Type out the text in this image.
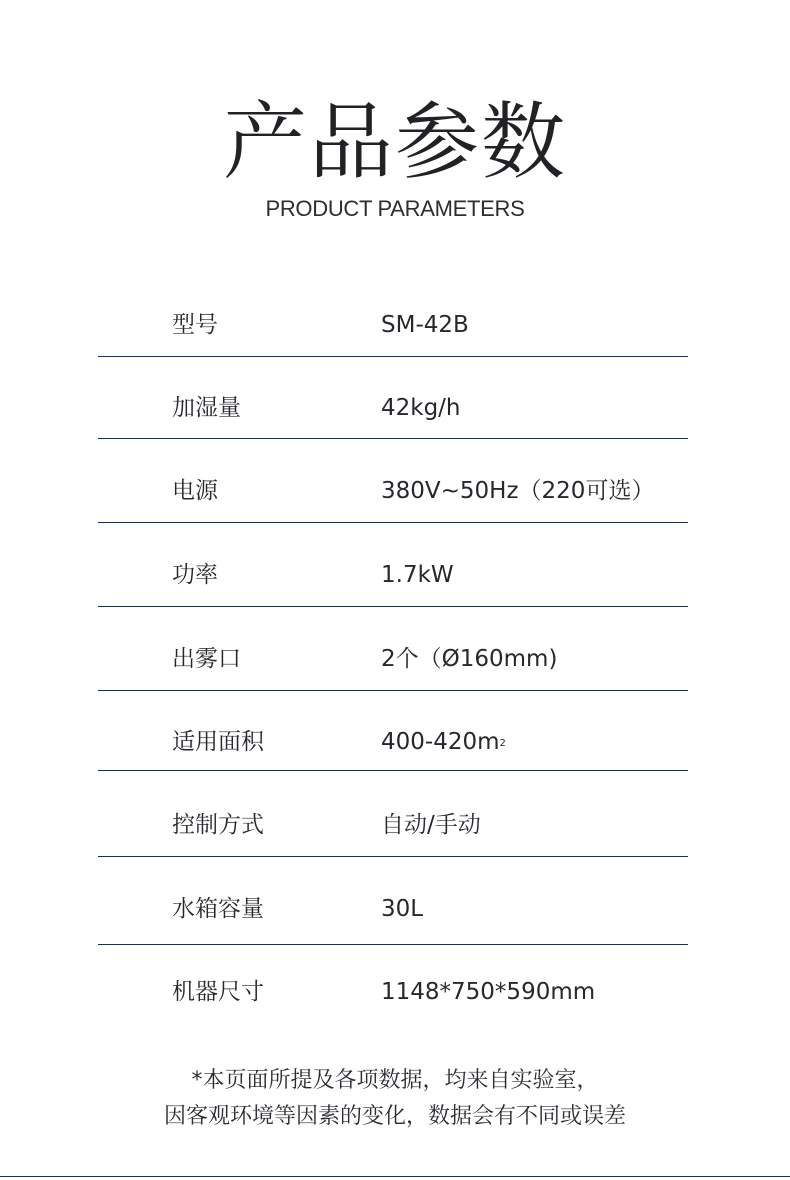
产品参数
PRODUCT PARAMETERS
型号	SM-42B
加湿量	42kg/h
电源	380V~50Hz（220可选）
功率	1.7kW
出雾口	2个（Ø160mm)
适用面积	$400-420m^2$
控制方式	自动/手动
水箱容量	30L
机器尺寸	1148*750*590mm
*本页面所提及各项数据，均来自实验室，
因客观环境等因素的变化，数据会有不同或误差
